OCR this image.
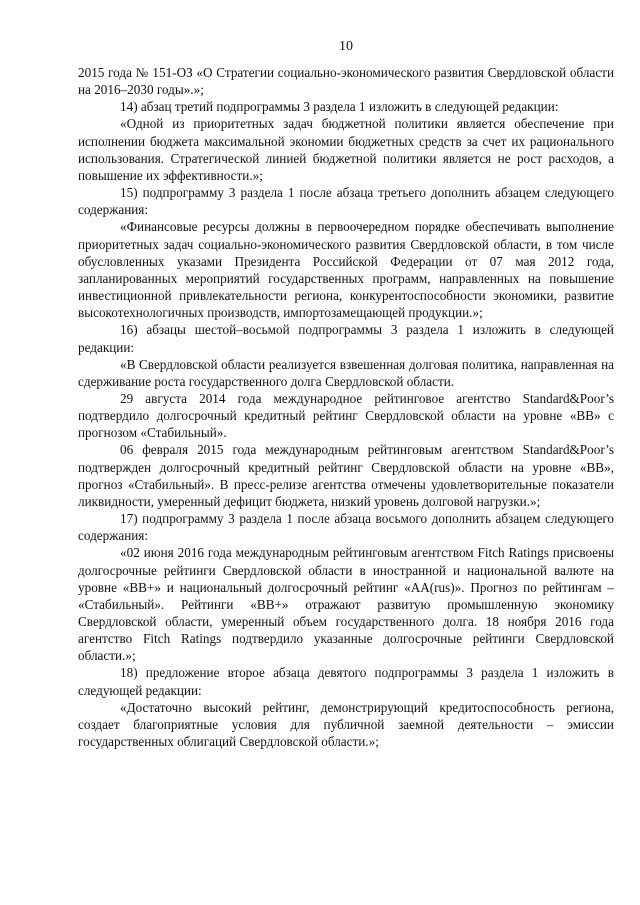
10

2015 года № 151-ОЗ «О Стратегии социально-экономического развития Свердловской области на 2016–2030 годы».»;

14) абзац третий подпрограммы 3 раздела 1 изложить в следующей редакции:

«Одной из приоритетных задач бюджетной политики является обеспечение при исполнении бюджета максимальной экономии бюджетных средств за счет их рационального использования. Стратегической линией бюджетной политики является не рост расходов, а повышение их эффективности.»;

15) подпрограмму 3 раздела 1 после абзаца третьего дополнить абзацем следующего содержания:

«Финансовые ресурсы должны в первоочередном порядке обеспечивать выполнение приоритетных задач социально-экономического развития Свердловской области, в том числе обусловленных указами Президента Российской Федерации от 07 мая 2012 года, запланированных мероприятий государственных программ, направленных на повышение инвестиционной привлекательности региона, конкурентоспособности экономики, развитие высокотехнологичных производств, импортозамещающей продукции.»;

16) абзацы шестой–восьмой подпрограммы 3 раздела 1 изложить в следующей редакции:

«В Свердловской области реализуется взвешенная долговая политика, направленная на сдерживание роста государственного долга Свердловской области.

29 августа 2014 года международное рейтинговое агентство Standard&Poor’s подтвердило долгосрочный кредитный рейтинг Свердловской области на уровне «BB» с прогнозом «Стабильный».

06 февраля 2015 года международным рейтинговым агентством Standard&Poor’s подтвержден долгосрочный кредитный рейтинг Свердловской области на уровне «BB», прогноз «Стабильный». В пресс-релизе агентства отмечены удовлетворительные показатели ликвидности, умеренный дефицит бюджета, низкий уровень долговой нагрузки.»;

17) подпрограмму 3 раздела 1 после абзаца восьмого дополнить абзацем следующего содержания:

«02 июня 2016 года международным рейтинговым агентством Fitch Ratings присвоены долгосрочные рейтинги Свердловской области в иностранной и национальной валюте на уровне «BB+» и национальный долгосрочный рейтинг «AA(rus)». Прогноз по рейтингам – «Стабильный». Рейтинги «BB+» отражают развитую промышленную экономику Свердловской области, умеренный объем государственного долга. 18 ноября 2016 года агентство Fitch Ratings подтвердило указанные долгосрочные рейтинги Свердловской области.»;

18) предложение второе абзаца девятого подпрограммы 3 раздела 1 изложить в следующей редакции:

«Достаточно высокий рейтинг, демонстрирующий кредитоспособность региона, создает благоприятные условия для публичной заемной деятельности – эмиссии государственных облигаций Свердловской области.»;
